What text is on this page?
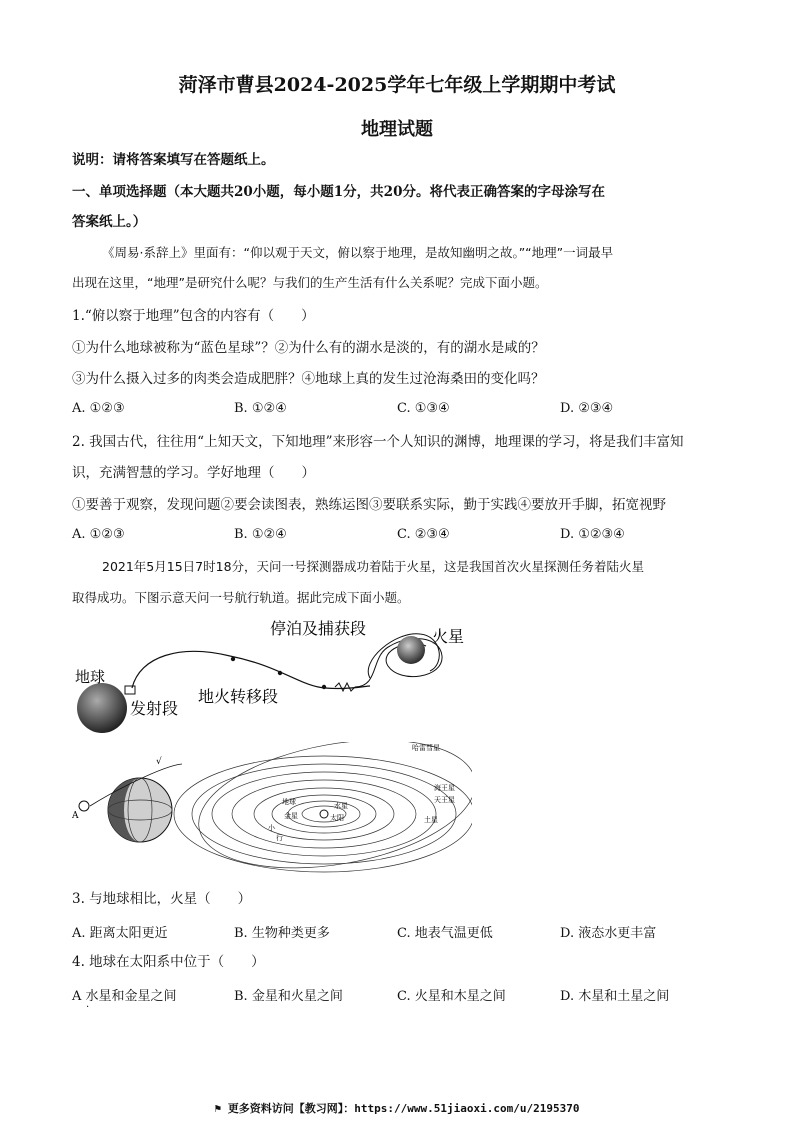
菏泽市曹县2024-2025学年七年级上学期期中考试
地理试题
说明：请将答案填写在答题纸上。
一、单项选择题（本大题共20小题，每小题1分，共20分。将代表正确答案的字母涂写在
答案纸上。）
《周易·系辞上》里面有：“仰以观于天文，俯以察于地理，是故知幽明之故。”“地理”一词最早
出现在这里，“地理”是研究什么呢？与我们的生产生活有什么关系呢？完成下面小题。
1.“俯以察于地理”包含的内容有（　　）
①为什么地球被称为“蓝色星球”？②为什么有的湖水是淡的，有的湖水是咸的？
③为什么摄入过多的肉类会造成肥胖？④地球上真的发生过沧海桑田的变化吗？
A. ①②③	B. ①②④	C. ①③④	D. ②③④
2. 我国古代，往往用“上知天文，下知地理”来形容一个人知识的渊博，地理课的学习，将是我们丰富知
识，充满智慧的学习。学好地理（　　）
①要善于观察，发现问题②要会读图表，熟练运图③要联系实际，勤于实践④要放开手脚，拓宽视野
A. ①②③	B. ①②④	C. ②③④	D. ①②③④
2021年5月15日7时18分，天问一号探测器成功着陆于火星，这是我国首次火星探测任务着陆火星
取得成功。下图示意天问一号航行轨道。据此完成下面小题。
地球
发射段
地火转移段
停泊及捕获段	火星
A
√
哈雷彗星
海王星
天王星
土星
地球
金星
水星
太阳
小
行
3. 与地球相比，火星（　　）
A. 距离太阳更近	B. 生物种类更多	C. 地表气温更低	D. 液态水更丰富
4. 地球在太阳系中位于（　　）
A 水星和金星之间	B. 金星和火星之间	C. 火星和木星之间	D. 木星和土星之间
·
⚑ 更多资料访问【教习网】：https://www.51jiaoxi.com/u/2195370
